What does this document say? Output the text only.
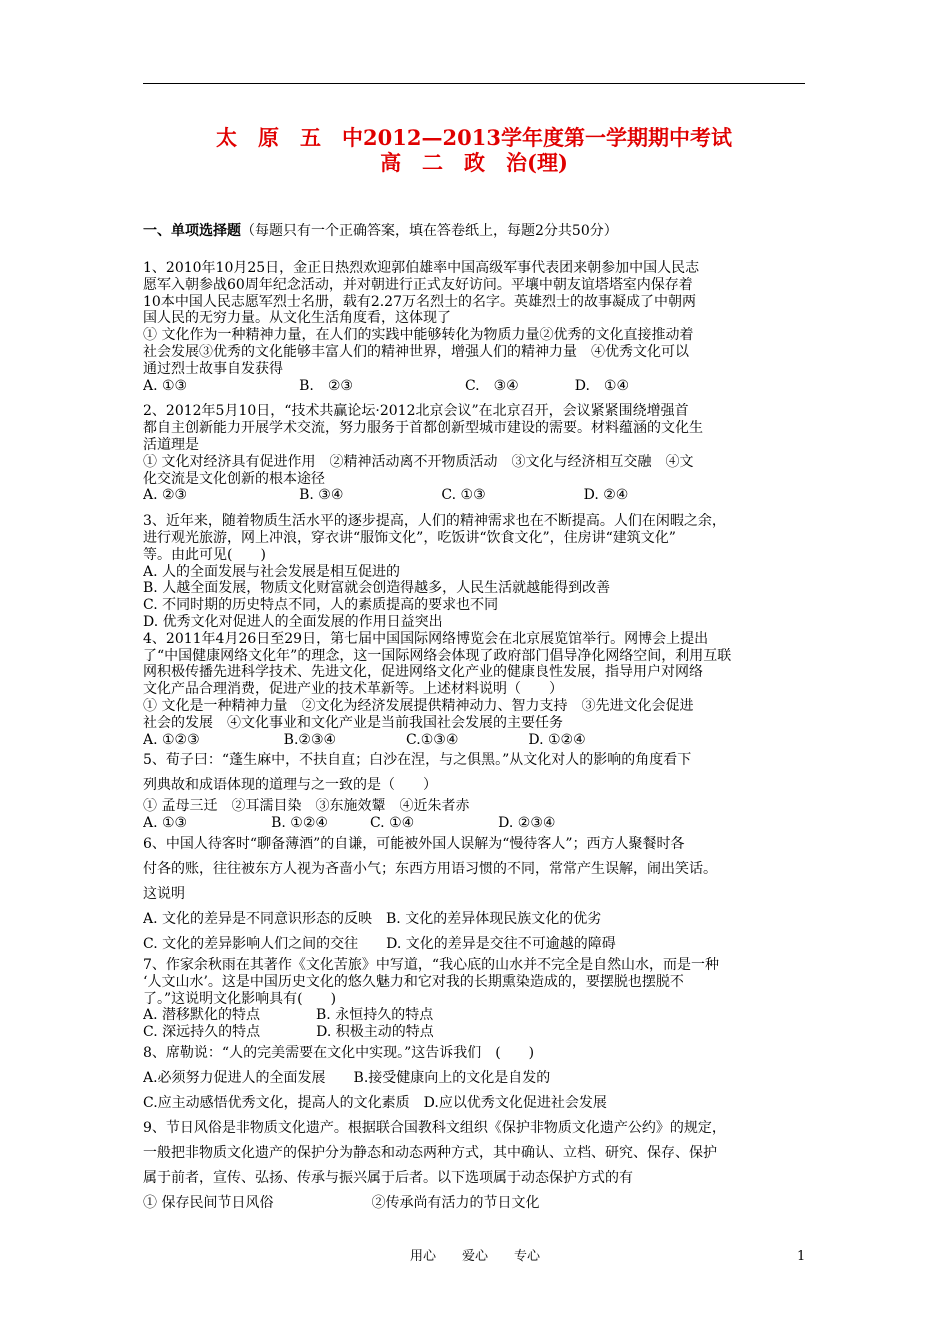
太　原　五　中2012—2013学年度第一学期期中考试
高　二　政　治(理)
一、单项选择题（每题只有一个正确答案，填在答卷纸上，每题2分共50分）
1、2010年10月25日，金正日热烈欢迎郭伯雄率中国高级军事代表团来朝参加中国人民志
愿军入朝参战60周年纪念活动，并对朝进行正式友好访问。平壤中朝友谊塔塔室内保存着
10本中国人民志愿军烈士名册，载有2.27万名烈士的名字。英雄烈士的故事凝成了中朝两
国人民的无穷力量。从文化生活角度看，这体现了
① 文化作为一种精神力量，在人们的实践中能够转化为物质力量②优秀的文化直接推动着
社会发展③优秀的文化能够丰富人们的精神世界，增强人们的精神力量　④优秀文化可以
通过烈士故事自发获得
A. ①③　　　　　　　　B.　②③　　　　　　　　C.　③④　　　　D.　①④
2、2012年5月10日，“技术共赢论坛·2012北京会议”在北京召开，会议紧紧围绕增强首
都自主创新能力开展学术交流，努力服务于首都创新型城市建设的需要。材料蕴涵的文化生
活道理是
① 文化对经济具有促进作用　②精神活动离不开物质活动　③文化与经济相互交融　④文
化交流是文化创新的根本途径
A. ②③　　　　　　　　B. ③④　　　　　　　C. ①③　　　　　　　D. ②④
3、近年来，随着物质生活水平的逐步提高，人们的精神需求也在不断提高。人们在闲暇之余，
进行观光旅游，网上冲浪，穿衣讲“服饰文化”，吃饭讲“饮食文化”，住房讲“建筑文化”
等。由此可见(　　)
A. 人的全面发展与社会发展是相互促进的
B. 人越全面发展，物质文化财富就会创造得越多，人民生活就越能得到改善
C. 不同时期的历史特点不同，人的素质提高的要求也不同
D. 优秀文化对促进人的全面发展的作用日益突出
4、2011年4月26日至29日，第七届中国国际网络博览会在北京展览馆举行。网博会上提出
了“中国健康网络文化年”的理念，这一国际网络会体现了政府部门倡导净化网络空间，利用互联
网积极传播先进科学技术、先进文化，促进网络文化产业的健康良性发展，指导用户对网络
文化产品合理消费，促进产业的技术革新等。上述材料说明（　　）
① 文化是一种精神力量　②文化为经济发展提供精神动力、智力支持　③先进文化会促进
社会的发展　④文化事业和文化产业是当前我国社会发展的主要任务
A. ①②③　　　　　　B.②③④　　　　　C.①③④　　　　　D. ①②④
5、荀子曰：“蓬生麻中，不扶自直；白沙在涅，与之俱黑。”从文化对人的影响的角度看下
列典故和成语体现的道理与之一致的是（　　）
① 孟母三迁　②耳濡目染　③东施效颦　④近朱者赤
A. ①③　　　　　　B. ①②④　　　C. ①④　　　　　　D. ②③④
6、中国人待客时“聊备薄酒”的自谦，可能被外国人误解为“慢待客人”；西方人聚餐时各
付各的账，往往被东方人视为吝啬小气；东西方用语习惯的不同，常常产生误解，闹出笑话。
这说明
A. 文化的差异是不同意识形态的反映　B. 文化的差异体现民族文化的优劣
C. 文化的差异影响人们之间的交往　　D. 文化的差异是交往不可逾越的障碍
7、作家余秋雨在其著作《文化苦旅》中写道，“我心底的山水并不完全是自然山水，而是一种
‘人文山水’。这是中国历史文化的悠久魅力和它对我的长期熏染造成的，要摆脱也摆脱不
了。”这说明文化影响具有(　　)
A. 潜移默化的特点　　　　B. 永恒持久的特点
C. 深远持久的特点　　　　D. 积极主动的特点
8、席勒说：“人的完美需要在文化中实现。”这告诉我们　(　　)
A.必须努力促进人的全面发展　　B.接受健康向上的文化是自发的
C.应主动感悟优秀文化，提高人的文化素质　D.应以优秀文化促进社会发展
9、节日风俗是非物质文化遗产。根据联合国教科文组织《保护非物质文化遗产公约》的规定，
一般把非物质文化遗产的保护分为静态和动态两种方式，其中确认、立档、研究、保存、保护
属于前者，宣传、弘扬、传承与振兴属于后者。以下选项属于动态保护方式的有
① 保存民间节日风俗　　　　　　　②传承尚有活力的节日文化
用心　　爱心　　专心	1
